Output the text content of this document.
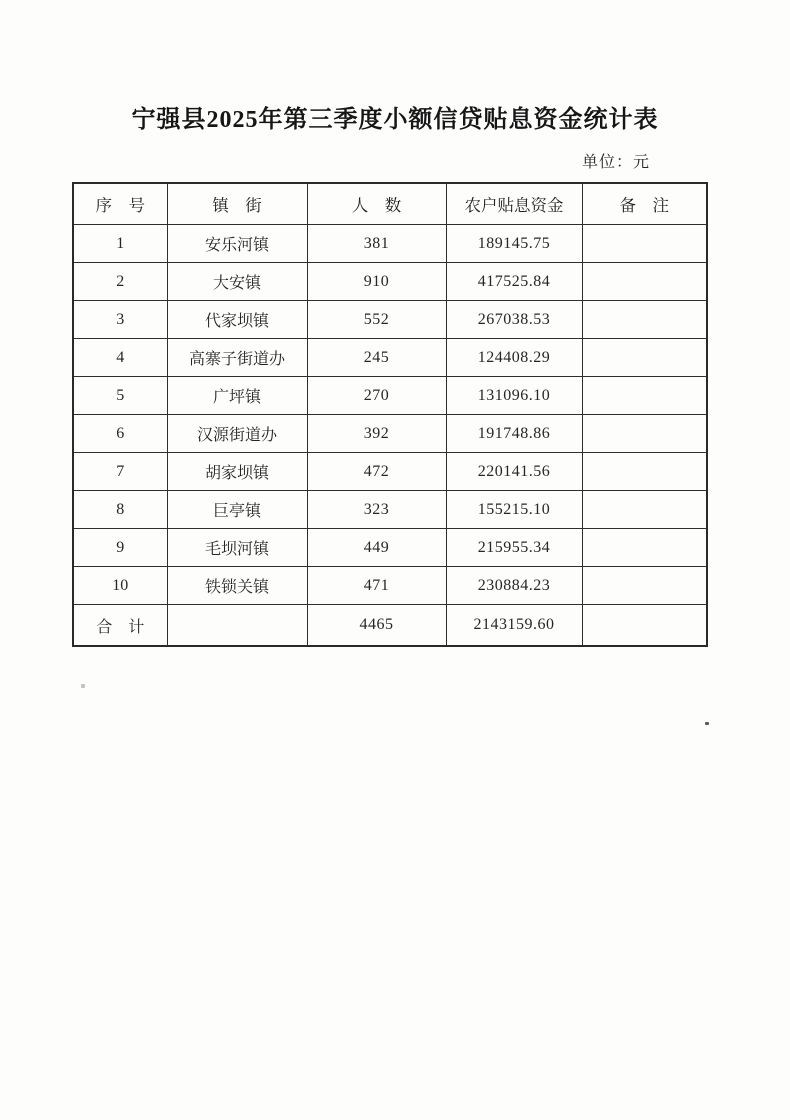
宁强县2025年第三季度小额信贷贴息资金统计表
单位：元
序　号	镇　街	人　数	农户贴息资金	备　注
1	安乐河镇	381	189145.75	
2	大安镇	910	417525.84	
3	代家坝镇	552	267038.53	
4	高寨子街道办	245	124408.29	
5	广坪镇	270	131096.10	
6	汉源街道办	392	191748.86	
7	胡家坝镇	472	220141.56	
8	巨亭镇	323	155215.10	
9	毛坝河镇	449	215955.34	
10	铁锁关镇	471	230884.23	
合　计		4465	2143159.60	
